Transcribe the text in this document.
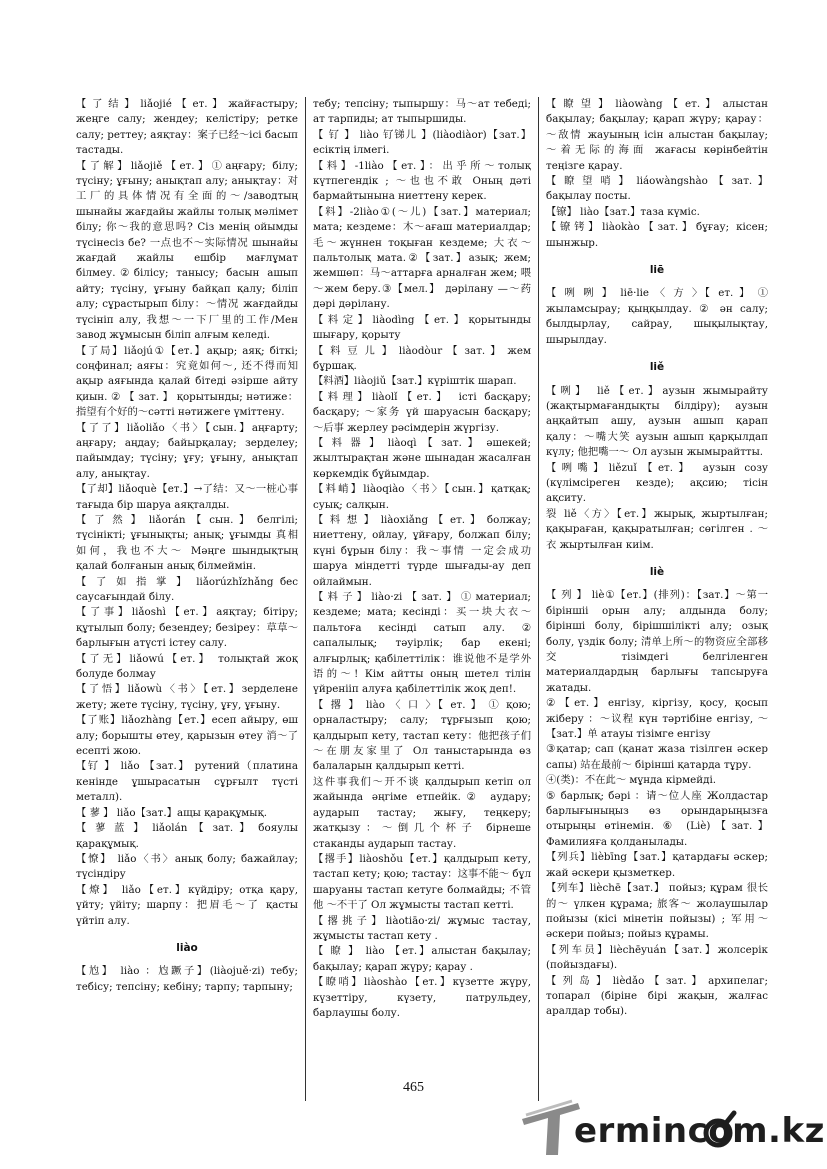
【 了 结 】 liǎojié 【 ет. 】 жайғастыру; жеңге салу; жендеу; келістіру; ретке салу; реттеу; аяқтау：案子已经～ісі басып тастады.
【了解】liǎojiě【ет.】①аңғару; білу; түсіну; ұғыну; анықтап алу; анықтау：对工厂的具体情况有全面的～/заводтың шынайы жағдайы жайлы толық мәлімет білу; 你～我的意思吗? Сіз менің ойымды түсінесіз бе? 一点也不～实际情况 шынайы жағдай жайлы ешбір мағлұмат білмеу.②білісу; танысу; басын ашып айту; түсіну, ұғыну байқап қалу; біліп алу; сұрастырып білу：～情况 жағдайды түсініп алу, 我想～一下厂里的工作/Мен завод жұмысын біліп алғым келеді.
【了局】liǎojú①【ет.】ақыр; аяқ; біткі; соңфинал; аяғы：究竟如何～, 还不得而知 ақыр аяғында қалай бітеді әзірше айту қиын. ② 【 зат. 】 қорытынды; нәтиже：指望有个好的～сәтті нәтижеге үміттену.
【了了】liǎoliǎo〈书〉【сын.】аңғарту; аңғару; аңдау; байырқалау; зерделеу; пайымдау; түсіну; ұғу; ұғыну, анықтап алу, анықтау.
【了却】liǎoquè【ет.】→了结：又～一桩心事 тағыда бір шаруа аяқталды.
【 了 然 】 liǎorán 【 сын. 】 белгілі; түсінікті; ұғынықты; анық; ұғымды 真相如何，我也不大～ Мәңге шындықтың қалай болғанын анық білмеймін.
【 了 如 指 掌 】 liǎorúzhǐzhǎng бес саусағындай білу.
【了事】liǎoshì【ет.】аяқтау; бітіру; құтылып болу; безендеу; безіреу：草草～барлығын атүсті істеу салу.
【了无】liǎowú【ет.】 толықтай жоқ болуде болмау
【了悟】liǎowù〈书〉【ет.】зерделене жету; жете түсіну, түсіну, ұғу, ұғыну.
【了账】liǎozhàng【ет.】есеп айыру, өш алу; борышты өтеу, қарызын өтеу 消～了 есепті жою.
【钌 】 liǎo 【зат.】 рутений（платина кенінде ұшырасатын сұрғылт түсті металл).
【 蓼 】 liǎo【зат.】ащы қарақұмық.
【 蓼 蓝 】 liǎolán 【 зат. 】 бояулы қарақұмық.
【憭】 liǎo〈书〉анық болу; бажайлау; түсіндіру
【燎】 liǎo【ет.】күйдіру; отқа қару, үйту; үйіту; шарпу：把眉毛～了 қасты үйтіп алу.
liào
【尥】 liào ：尥蹶子】(liàojuě·zi) тебу; тебісу; тепсіну; кебіну; тарпу; тарпыну;
тебу; тепсіну; тыпыршу：马～ат тебеді; ат тарпиды; ат тыпыршиды.
【 钌 】 liào 钌锑儿 】(liàodiàor)【зат.】есіктің ілмегі.
【料】-1liào【ет.】：出乎所～толық күтпегендік ; ～也也不敢 Оның дәті бармайтынына ниеттену керек.
【料】-2liào①(～儿)【зат.】материал; мата; кездеме：木～ағаш материалдар; 毛～жүннен тоқыған кездеме; 大衣～пальтолық мата.②【зат.】азық; жем; жемшөп：马～аттарға арналған жем; 喂～жем беру.③【мел.】 дәрілану —～药 дәрі дәрілану.
【料定】liàodìng【ет.】қорытынды шығару, қорыту
【 料 豆 儿 】 liàodòur 【 зат. 】 жем бұршақ.
【料酒】liàojiǔ【зат.】күріштік шарап.
【料理】liàolǐ【ет.】 істі басқару; басқару; ～家务 үй шаруасын басқару; ～后事 жерлеу рәсімдерін жүргізу.
【 料 器 】 liàoqì 【 зат. 】 әшекей; жылтырақтан және шынадан жасалған көркемдік бұйымдар.
【料峭】liàoqiào〈书〉【сын.】қатқақ; суық; салқын.
【 料 想 】 liàoxiǎng 【 ет. 】 болжау; ниеттену, ойлау, ұйғару, болжап білу; күні бұрын білу：我～事情 一定会成功 шаруа міндетті түрде шығады-ау деп ойлаймын.
【料子】liào·zi【зат.】①материал; кездеме; мата; кесінді：买一块大衣～ пальтоға кесінді сатып алу. ② сапалылық; тәуірлік; бар екені; алғырлық; қабілеттілік：谁说他不是学外语的～! Кім айтты оның шетел тілін үйренііп алуға қабілеттілік жоқ деп!.
【 撂 】 liào 〈 口 〉【 ет. 】 ① қою; орналастыру; салу; тұрғызып қою; қалдырып кету, тастап кету：他把孩子们～在朋友家里了 Ол таныстарында өз балаларын қалдырып кетті.
这件事我们～开不谈 қалдырып кетіп ол жайында әңгіме етпейік.② аудару; аударып тастау; жығу, теңкеру; жатқызу：～倒几个杯子 бірнеше стаканды аударып тастау.
【撂手】liàoshǒu【ет.】қалдырып кету, тастап кету; қою; тастау：这事不能～ бұл шаруаны тастап кетуге болмайды; 不管 他 ～不干了 Ол жұмысты тастап кетті.
【撂挑子】liàotiāo·zi/ жұмыс тастау, жұмысты тастап кету .
【 瞭 】 liào 【ет.】алыстан бақылау; бақылау; қарап жүру; қарау .
【瞭哨】liàoshào【ет.】күзетте жүру, күзеттіру, күзету, патрульдеу, барлаушы болу.
【 瞭 望 】 liàowàng 【 ет. 】 алыстан бақылау; бақылау; қарап жүру; қарау：～敌情 жауының ісін алыстан бақылау; ～着无际的海面 жағасы көрінбейтін теңізге қарау.
【 瞭 望 哨 】 liáowàngshào 【 зат. 】 бақылау посты.
【镣】 liào【зат.】таза күміс.
【镣铐】liàokào【зат.】бұғау; кісен; шынжыр.
liē
【 咧 咧 】 liē·lie 〈 方 〉【 ет. 】 ① жыламсырау; қыңқылдау. ② ән салу; былдырлау, сайрау, шықылықтау, шырылдау.
liě
【咧】 liě【ет.】аузын жымырайту (жақтырмағандықты білдіру); аузын аңқайтып ашу, аузын ашып қарап қалу：～嘴大笑 аузын ашып қарқылдап күлу; 他把嘴一～ Ол аузын жымырайтты.
【咧嘴】liězuǐ【ет.】 аузын созу (күлімсіреген кезде); ақсию; тісін ақситу.
裂 liě〈方〉【ет.】жырық, жыртылған; қақыраған, қақыратылған; сөгілген . ～衣 жыртылған киім.
liè
【 列 】 liè①【ет.】(排列)：【зат.】～第一 біріншіі орын алу; алдында болу; бірінші болу, бірішшілікті алу; озық болу, үздік болу; 清单上所～的物资应全部移交 тізімдегі белгіленген материалдардың барлығы тапсыруға жатады.
②【ет.】енгізу, кіргізу, қосу, қосып жіберу ：～议程 күн тәртібіне енгізу, ～【зат.】单 атауы тізімге енгізу
③қатар; сап (қанат жаза тізілген әскер сапы) 站在最前～ бірінші қатарда тұру.
④(类)：不在此～ мұнда кірмейді.
⑤ барлық; бәрі ：请～位人座 Жолдастар барлығыныңыз өз орындарыңызға отырыңы өтінемін. ⑥ (Liè)【зат.】Фамилияға қолданылады.
【列兵】lièbīng【зат.】қатардағы әскер; жай әскери қызметкер.
【列车】lièchē【зат.】 пойыз; құрам 很长的～ үлкен құрама; 旅客～ жолаушылар пойызы (кісі мінетін пойызы) ; 军用～әскери пойыз; пойыз құрамы.
【列车员】lièchēyuán【зат.】жолсерік (пойыздағы).
【 列 岛 】 lièdǎo 【 зат. 】 архипелаг; топарал (біріне бірі жақын, жалғас аралдар тобы).
465
ermincom.kz
